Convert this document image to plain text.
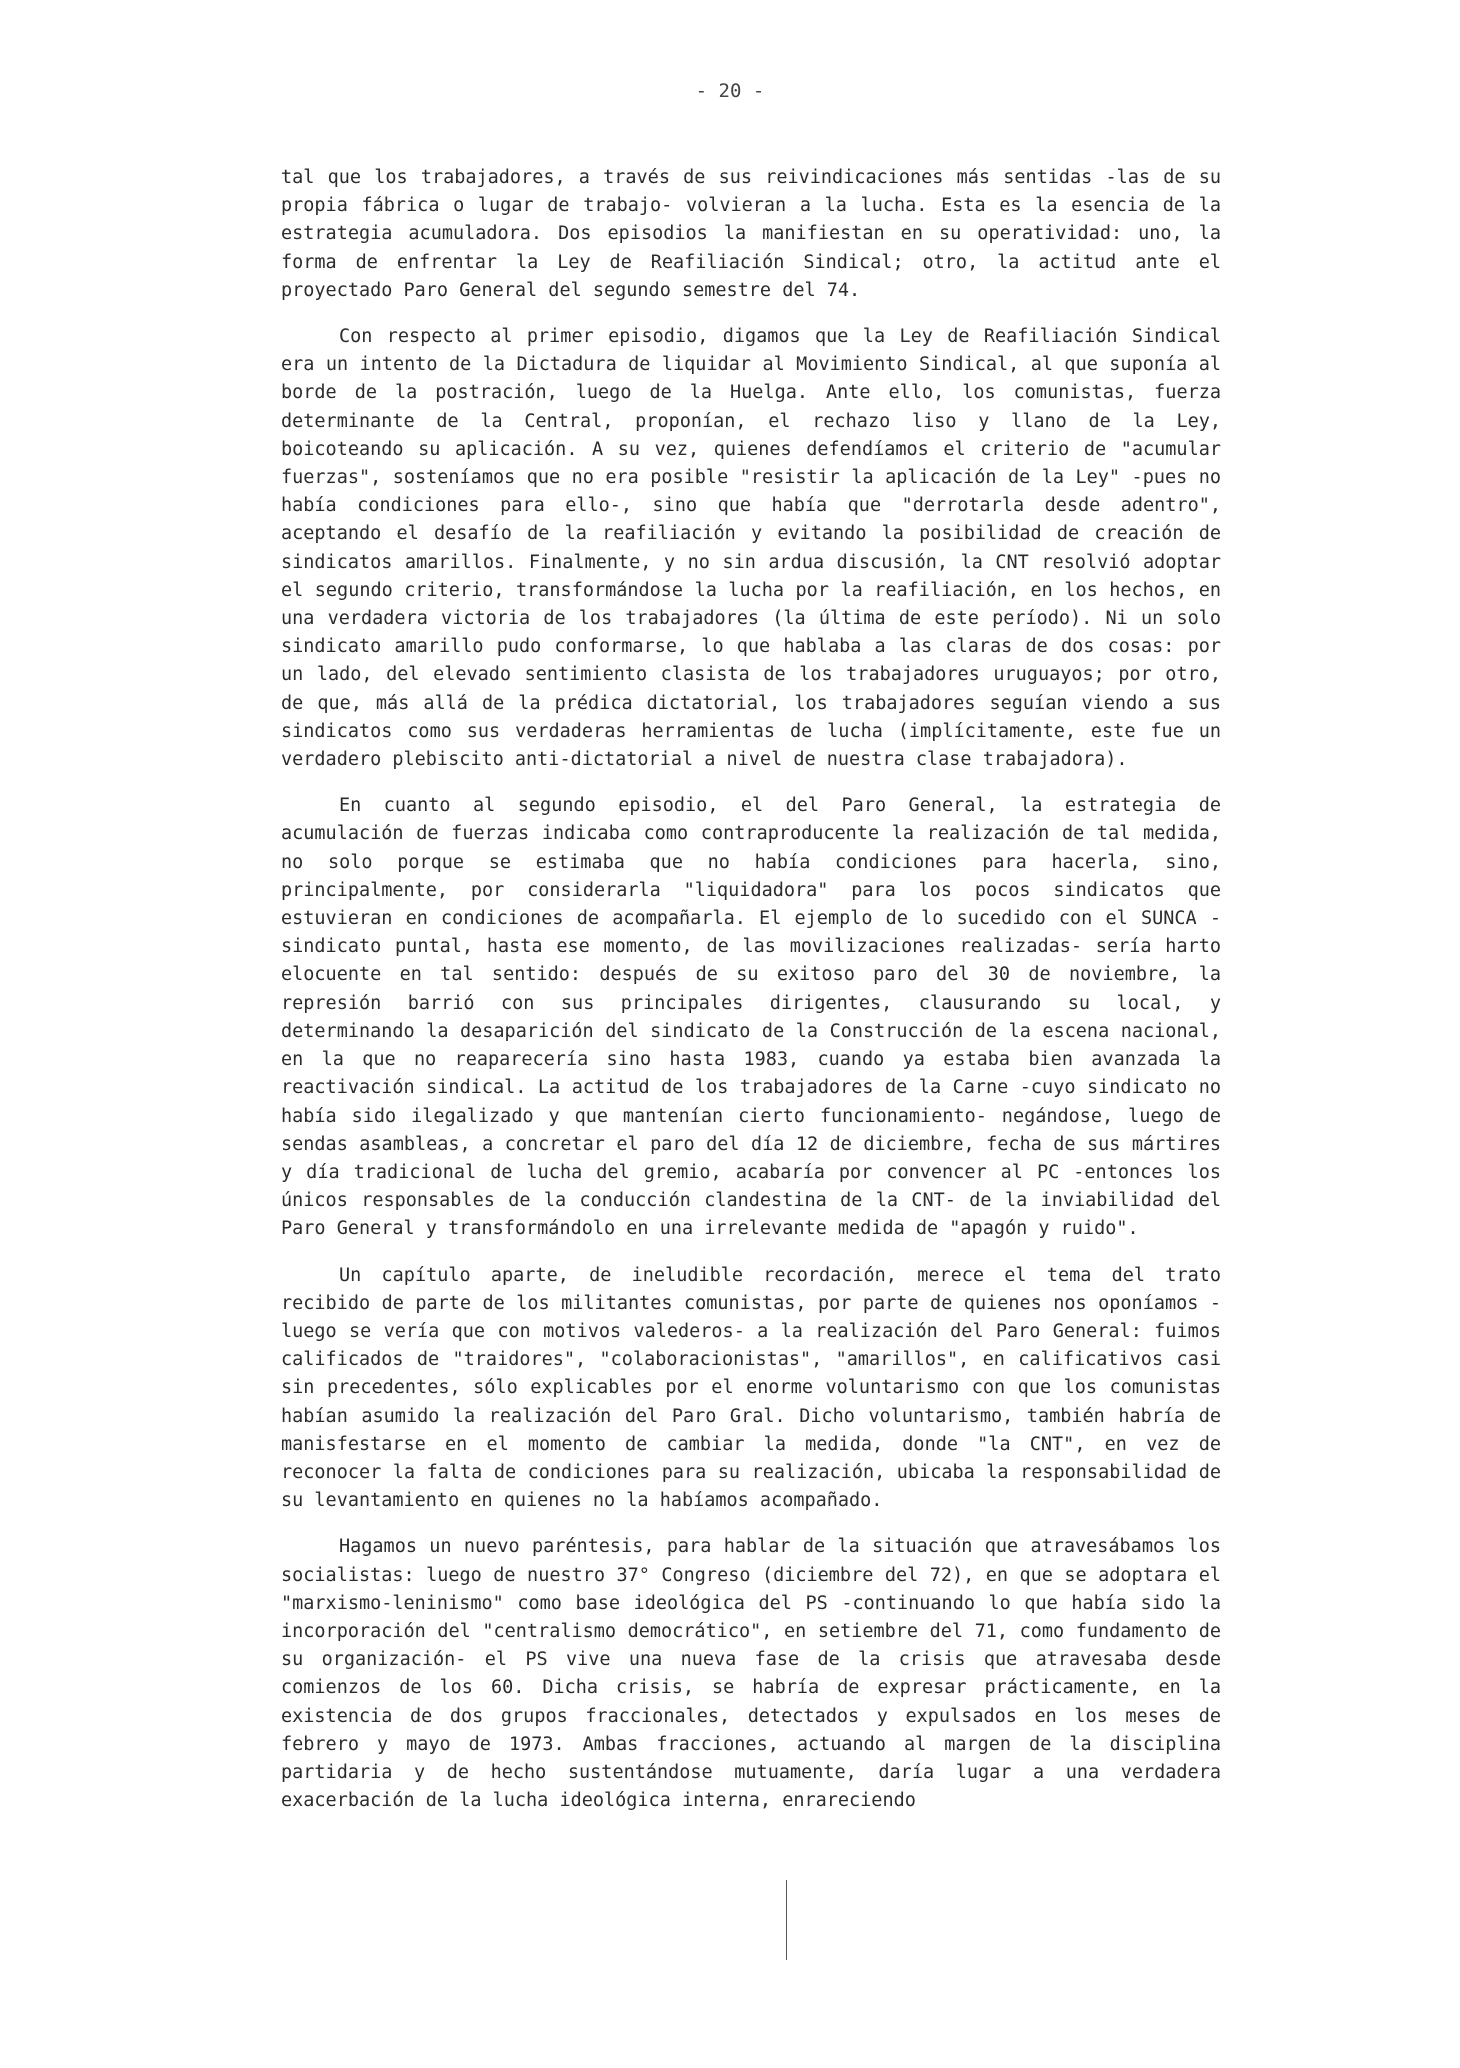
- 20 -

tal que los trabajadores, a través de sus reivindicaciones más sentidas -las de su propia fábrica o lugar de trabajo- volvieran a la lucha. Esta es la esencia de la estrategia acumuladora. Dos episodios la manifiestan en su operatividad: uno, la forma de enfrentar la Ley de Reafiliación Sindical; otro, la actitud ante el proyectado Paro General del segundo semestre del 74.

Con respecto al primer episodio, digamos que la Ley de Reafiliación Sindical era un intento de la Dictadura de liquidar al Movimiento Sindical, al que suponía al borde de la postración, luego de la Huelga. Ante ello, los comunistas, fuerza determinante de la Central, proponían, el rechazo liso y llano de la Ley, boicoteando su aplicación. A su vez, quienes defendíamos el criterio de "acumular fuerzas", sosteníamos que no era posible "resistir la aplicación de la Ley" -pues no había condiciones para ello-, sino que había que "derrotarla desde adentro", aceptando el desafío de la reafiliación y evitando la posibilidad de creación de sindicatos amarillos. Finalmente, y no sin ardua discusión, la CNT resolvió adoptar el segundo criterio, transformándose la lucha por la reafiliación, en los hechos, en una verdadera victoria de los trabajadores (la última de este período). Ni un solo sindicato amarillo pudo conformarse, lo que hablaba a las claras de dos cosas: por un lado, del elevado sentimiento clasista de los trabajadores uruguayos; por otro, de que, más allá de la prédica dictatorial, los trabajadores seguían viendo a sus sindicatos como sus verdaderas herramientas de lucha (implícitamente, este fue un verdadero plebiscito anti-dictatorial a nivel de nuestra clase trabajadora).

En cuanto al segundo episodio, el del Paro General, la estrategia de acumulación de fuerzas indicaba como contraproducente la realización de tal medida, no solo porque se estimaba que no había condiciones para hacerla, sino, principalmente, por considerarla "liquidadora" para los pocos sindicatos que estuvieran en condiciones de acompañarla. El ejemplo de lo sucedido con el SUNCA -sindicato puntal, hasta ese momento, de las movilizaciones realizadas- sería harto elocuente en tal sentido: después de su exitoso paro del 30 de noviembre, la represión barrió con sus principales dirigentes, clausurando su local, y determinando la desaparición del sindicato de la Construcción de la escena nacional, en la que no reaparecería sino hasta 1983, cuando ya estaba bien avanzada la reactivación sindical. La actitud de los trabajadores de la Carne -cuyo sindicato no había sido ilegalizado y que mantenían cierto funcionamiento- negándose, luego de sendas asambleas, a concretar el paro del día 12 de diciembre, fecha de sus mártires y día tradicional de lucha del gremio, acabaría por convencer al PC -entonces los únicos responsables de la conducción clandestina de la CNT- de la inviabilidad del Paro General y transformándolo en una irrelevante medida de "apagón y ruido".

Un capítulo aparte, de ineludible recordación, merece el tema del trato recibido de parte de los militantes comunistas, por parte de quienes nos oponíamos -luego se vería que con motivos valederos- a la realización del Paro General: fuimos calificados de "traidores", "colaboracionistas", "amarillos", en calificativos casi sin precedentes, sólo explicables por el enorme voluntarismo con que los comunistas habían asumido la realización del Paro Gral. Dicho voluntarismo, también habría de manisfestarse en el momento de cambiar la medida, donde "la CNT", en vez de reconocer la falta de condiciones para su realización, ubicaba la responsabilidad de su levantamiento en quienes no la habíamos acompañado.

Hagamos un nuevo paréntesis, para hablar de la situación que atravesábamos los socialistas: luego de nuestro 37° Congreso (diciembre del 72), en que se adoptara el "marxismo-leninismo" como base ideológica del PS -continuando lo que había sido la incorporación del "centralismo democrático", en setiembre del 71, como fundamento de su organización- el PS vive una nueva fase de la crisis que atravesaba desde comienzos de los 60. Dicha crisis, se habría de expresar prácticamente, en la existencia de dos grupos fraccionales, detectados y expulsados en los meses de febrero y mayo de 1973. Ambas fracciones, actuando al margen de la disciplina partidaria y de hecho sustentándose mutuamente, daría lugar a una verdadera exacerbación de la lucha ideológica interna, enrareciendo
